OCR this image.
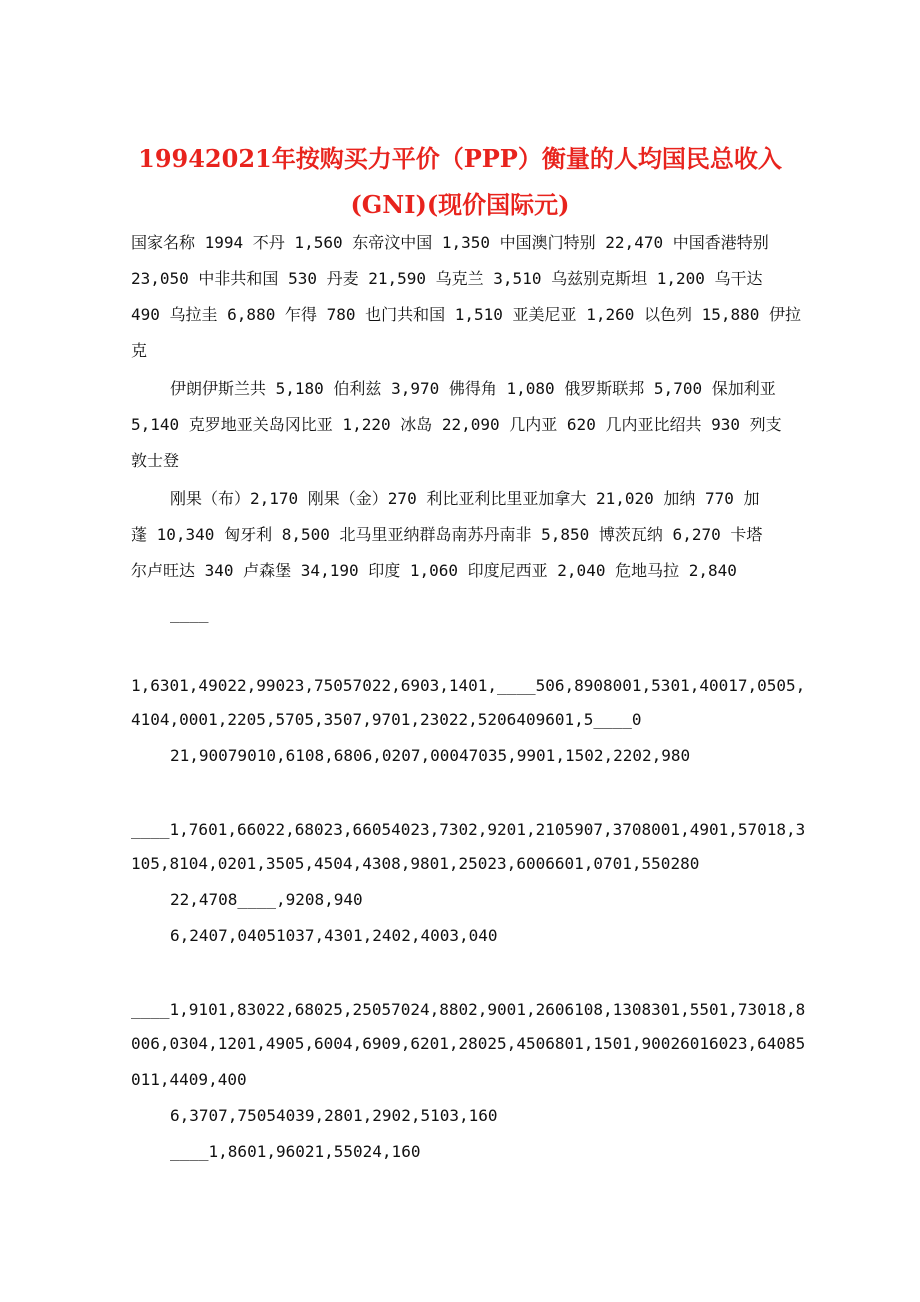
19942021年按购买力平价（PPP）衡量的人均国民总收入
(GNI)(现价国际元)
国家名称 1994 不丹 1,560 东帝汶中国 1,350 中国澳门特别 22,470 中国香港特别
23,050 中非共和国 530 丹麦 21,590 乌克兰 3,510 乌兹别克斯坦 1,200 乌干达
490 乌拉圭 6,880 乍得 780 也门共和国 1,510 亚美尼亚 1,260 以色列 15,880 伊拉
克
伊朗伊斯兰共 5,180 伯利兹 3,970 佛得角 1,080 俄罗斯联邦 5,700 保加利亚
5,140 克罗地亚关岛冈比亚 1,220 冰岛 22,090 几内亚 620 几内亚比绍共 930 列支
敦士登
刚果（布）2,170 刚果（金）270 利比亚利比里亚加拿大 21,020 加纳 770 加
蓬 10,340 匈牙利 8,500 北马里亚纳群岛南苏丹南非 5,850 博茨瓦纳 6,270 卡塔
尔卢旺达 340 卢森堡 34,190 印度 1,060 印度尼西亚 2,040 危地马拉 2,840
____
1,6301,49022,99023,75057022,6903,1401,____506,8908001,5301,40017,0505,
4104,0001,2205,5705,3507,9701,23022,5206409601,5____0
21,90079010,6108,6806,0207,00047035,9901,1502,2202,980
____1,7601,66022,68023,66054023,7302,9201,2105907,3708001,4901,57018,3
105,8104,0201,3505,4504,4308,9801,25023,6006601,0701,550280
22,4708____,9208,940
6,2407,04051037,4301,2402,4003,040
____1,9101,83022,68025,25057024,8802,9001,2606108,1308301,5501,73018,8
006,0304,1201,4905,6004,6909,6201,28025,4506801,1501,90026016023,64085
011,4409,400
6,3707,75054039,2801,2902,5103,160
____1,8601,96021,55024,160
